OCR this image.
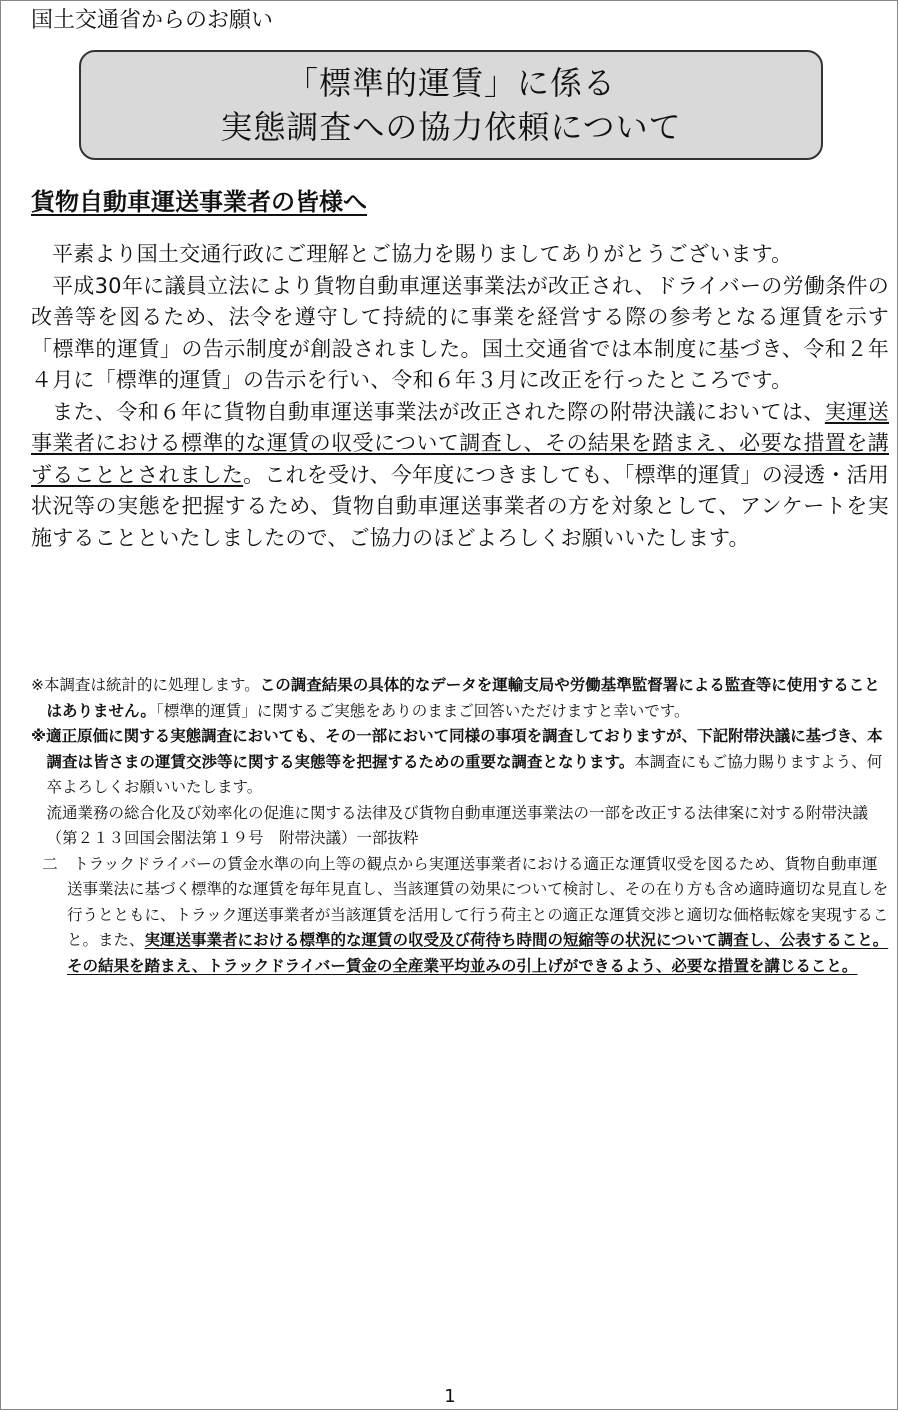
国土交通省からのお願い
「標準的運賃」に係る
実態調査への協力依頼について
貨物自動車運送事業者の皆様へ

平素より国土交通行政にご理解とご協力を賜りましてありがとうございます。

平成30年に議員立法により貨物自動車運送事業法が改正され、ドライバーの労働条件の改善等を図るため、法令を遵守して持続的に事業を経営する際の参考となる運賃を示す「標準的運賃」の告示制度が創設されました。国土交通省では本制度に基づき、令和２年４月に「標準的運賃」の告示を行い、令和６年３月に改正を行ったところです。

また、令和６年に貨物自動車運送事業法が改正された際の附帯決議においては、実運送事業者における標準的な運賃の収受について調査し、その結果を踏まえ、必要な措置を講ずることとされました。これを受け、今年度につきましても、「標準的運賃」の浸透・活用状況等の実態を把握するため、貨物自動車運送事業者の方を対象として、アンケートを実施することといたしましたので、ご協力のほどよろしくお願いいたします。

※本調査は統計的に処理します。この調査結果の具体的なデータを運輸支局や労働基準監督署による監査等に使用することはありません。「標準的運賃」に関するご実態をありのままご回答いただけますと幸いです。

※適正原価に関する実態調査においても、その一部において同様の事項を調査しておりますが、下記附帯決議に基づき、本調査は皆さまの運賃交渉等に関する実態等を把握するための重要な調査となります。本調査にもご協力賜りますよう、何卒よろしくお願いいたします。

流通業務の総合化及び効率化の促進に関する法律及び貨物自動車運送事業法の一部を改正する法律案に対する附帯決議（第２１３回国会閣法第１９号　附帯決議）一部抜粋

二　トラックドライバーの賃金水準の向上等の観点から実運送事業者における適正な運賃収受を図るため、貨物自動車運送事業法に基づく標準的な運賃を毎年見直し、当該運賃の効果について検討し、その在り方も含め適時適切な見直しを行うとともに、トラック運送事業者が当該運賃を活用して行う荷主との適正な運賃交渉と適切な価格転嫁を実現すること。また、実運送事業者における標準的な運賃の収受及び荷待ち時間の短縮等の状況について調査し、公表すること。その結果を踏まえ、トラックドライバー賃金の全産業平均並みの引上げができるよう、必要な措置を講じること。

1
